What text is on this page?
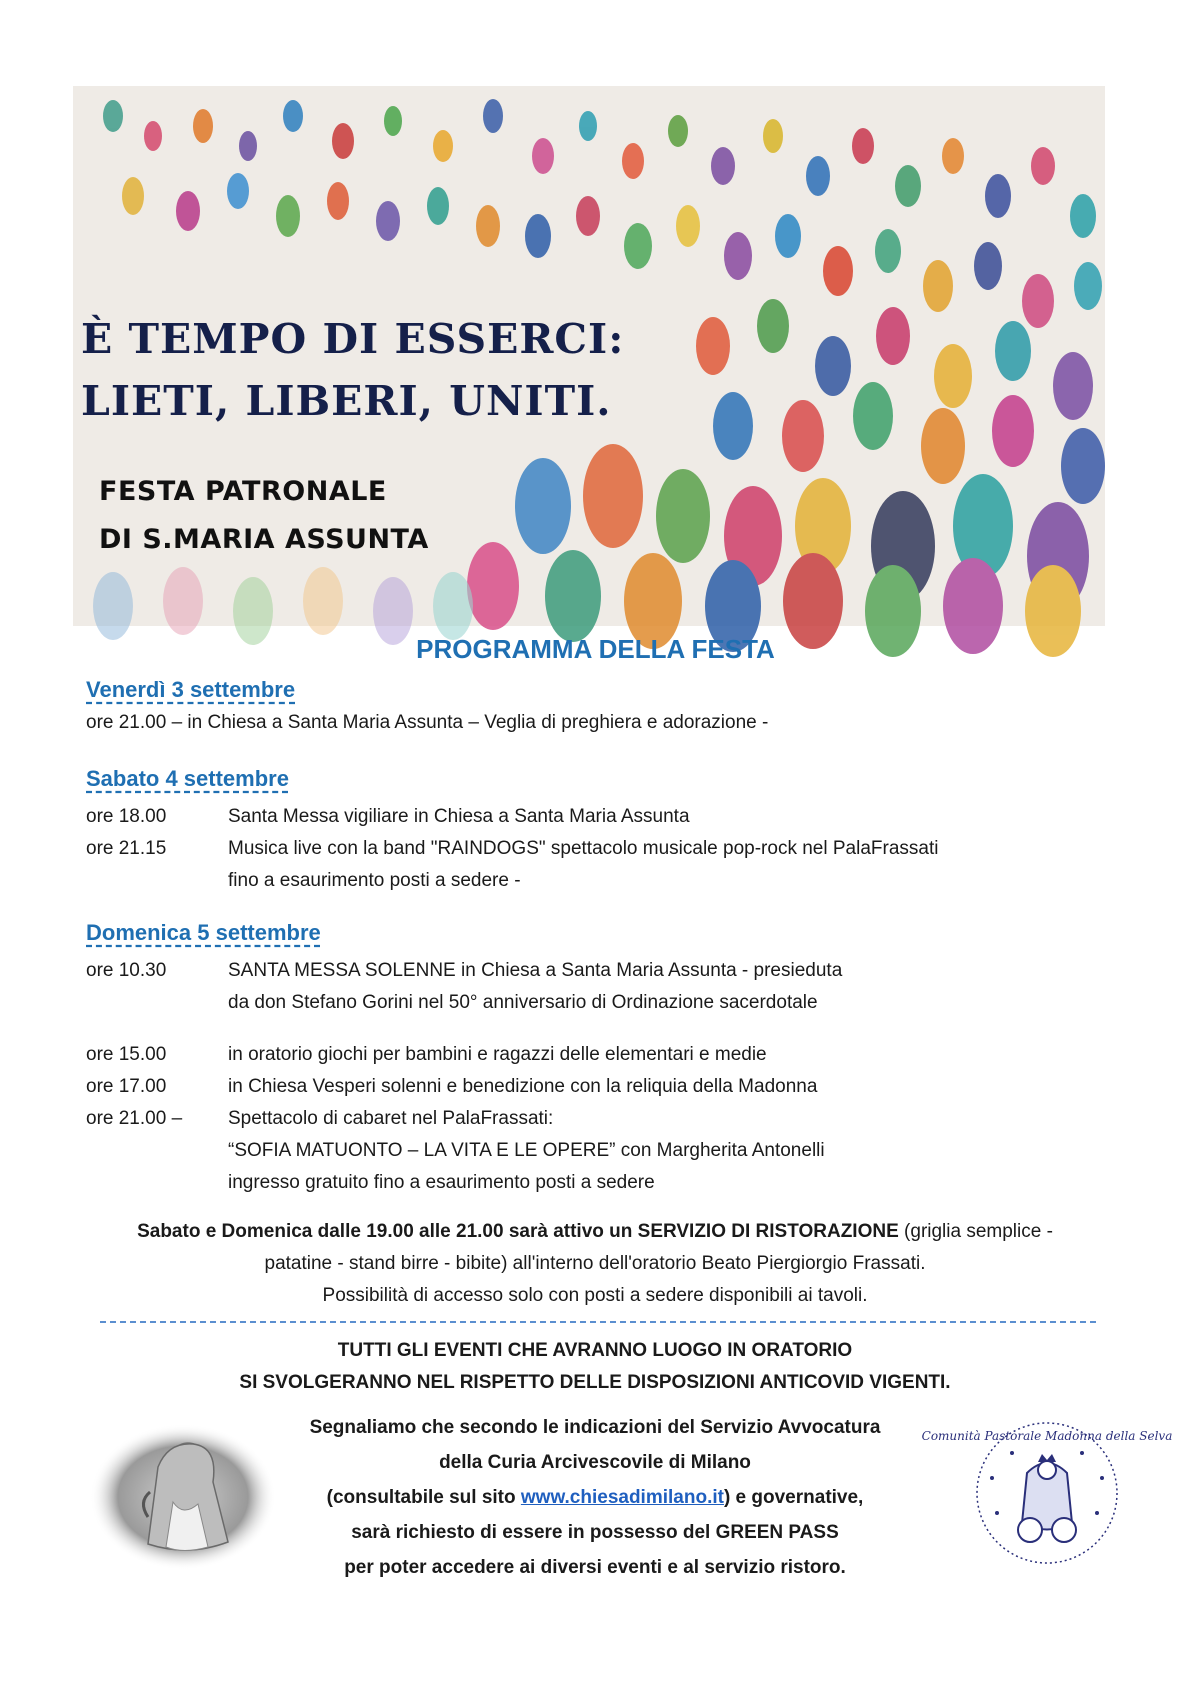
È TEMPO DI ESSERCI:
LIETI, LIBERI, UNITI.
FESTA PATRONALE
DI S.MARIA ASSUNTA
PROGRAMMA DELLA FESTA
Venerdì 3 settembre
ore 21.00 – in Chiesa a Santa Maria Assunta – Veglia di preghiera e adorazione -
Sabato 4 settembre
ore 18.00	Santa Messa vigiliare in Chiesa a Santa Maria Assunta
ore 21.15	Musica live con la band "RAINDOGS" spettacolo musicale pop-rock nel PalaFrassati
fino a esaurimento posti a sedere -
Domenica 5 settembre
ore 10.30	SANTA MESSA SOLENNE in Chiesa a Santa Maria Assunta - presieduta
da don Stefano Gorini nel 50° anniversario di Ordinazione sacerdotale
ore 15.00	in oratorio giochi per bambini e ragazzi delle elementari e medie
ore 17.00	in Chiesa Vesperi solenni e benedizione con la reliquia della Madonna
ore 21.00 – Spettacolo di cabaret nel PalaFrassati:
“SOFIA MATUONTO – LA VITA E LE OPERE” con Margherita Antonelli
ingresso gratuito fino a esaurimento posti a sedere
Sabato e Domenica dalle 19.00 alle 21.00 sarà attivo un SERVIZIO DI RISTORAZIONE (griglia semplice -
patatine - stand birre - bibite) all'interno dell'oratorio Beato Piergiorgio Frassati.
Possibilità di accesso solo con posti a sedere disponibili ai tavoli.
TUTTI GLI EVENTI CHE AVRANNO LUOGO IN ORATORIO
SI SVOLGERANNO NEL RISPETTO DELLE DISPOSIZIONI ANTICOVID VIGENTI.
Segnaliamo che secondo le indicazioni del Servizio Avvocatura
della Curia Arcivescovile di Milano
(consultabile sul sito www.chiesadimilano.it) e governative,
sarà richiesto di essere in possesso del GREEN PASS
per poter accedere ai diversi eventi e al servizio ristoro.
Comunità Pastorale Madonna della Selva
